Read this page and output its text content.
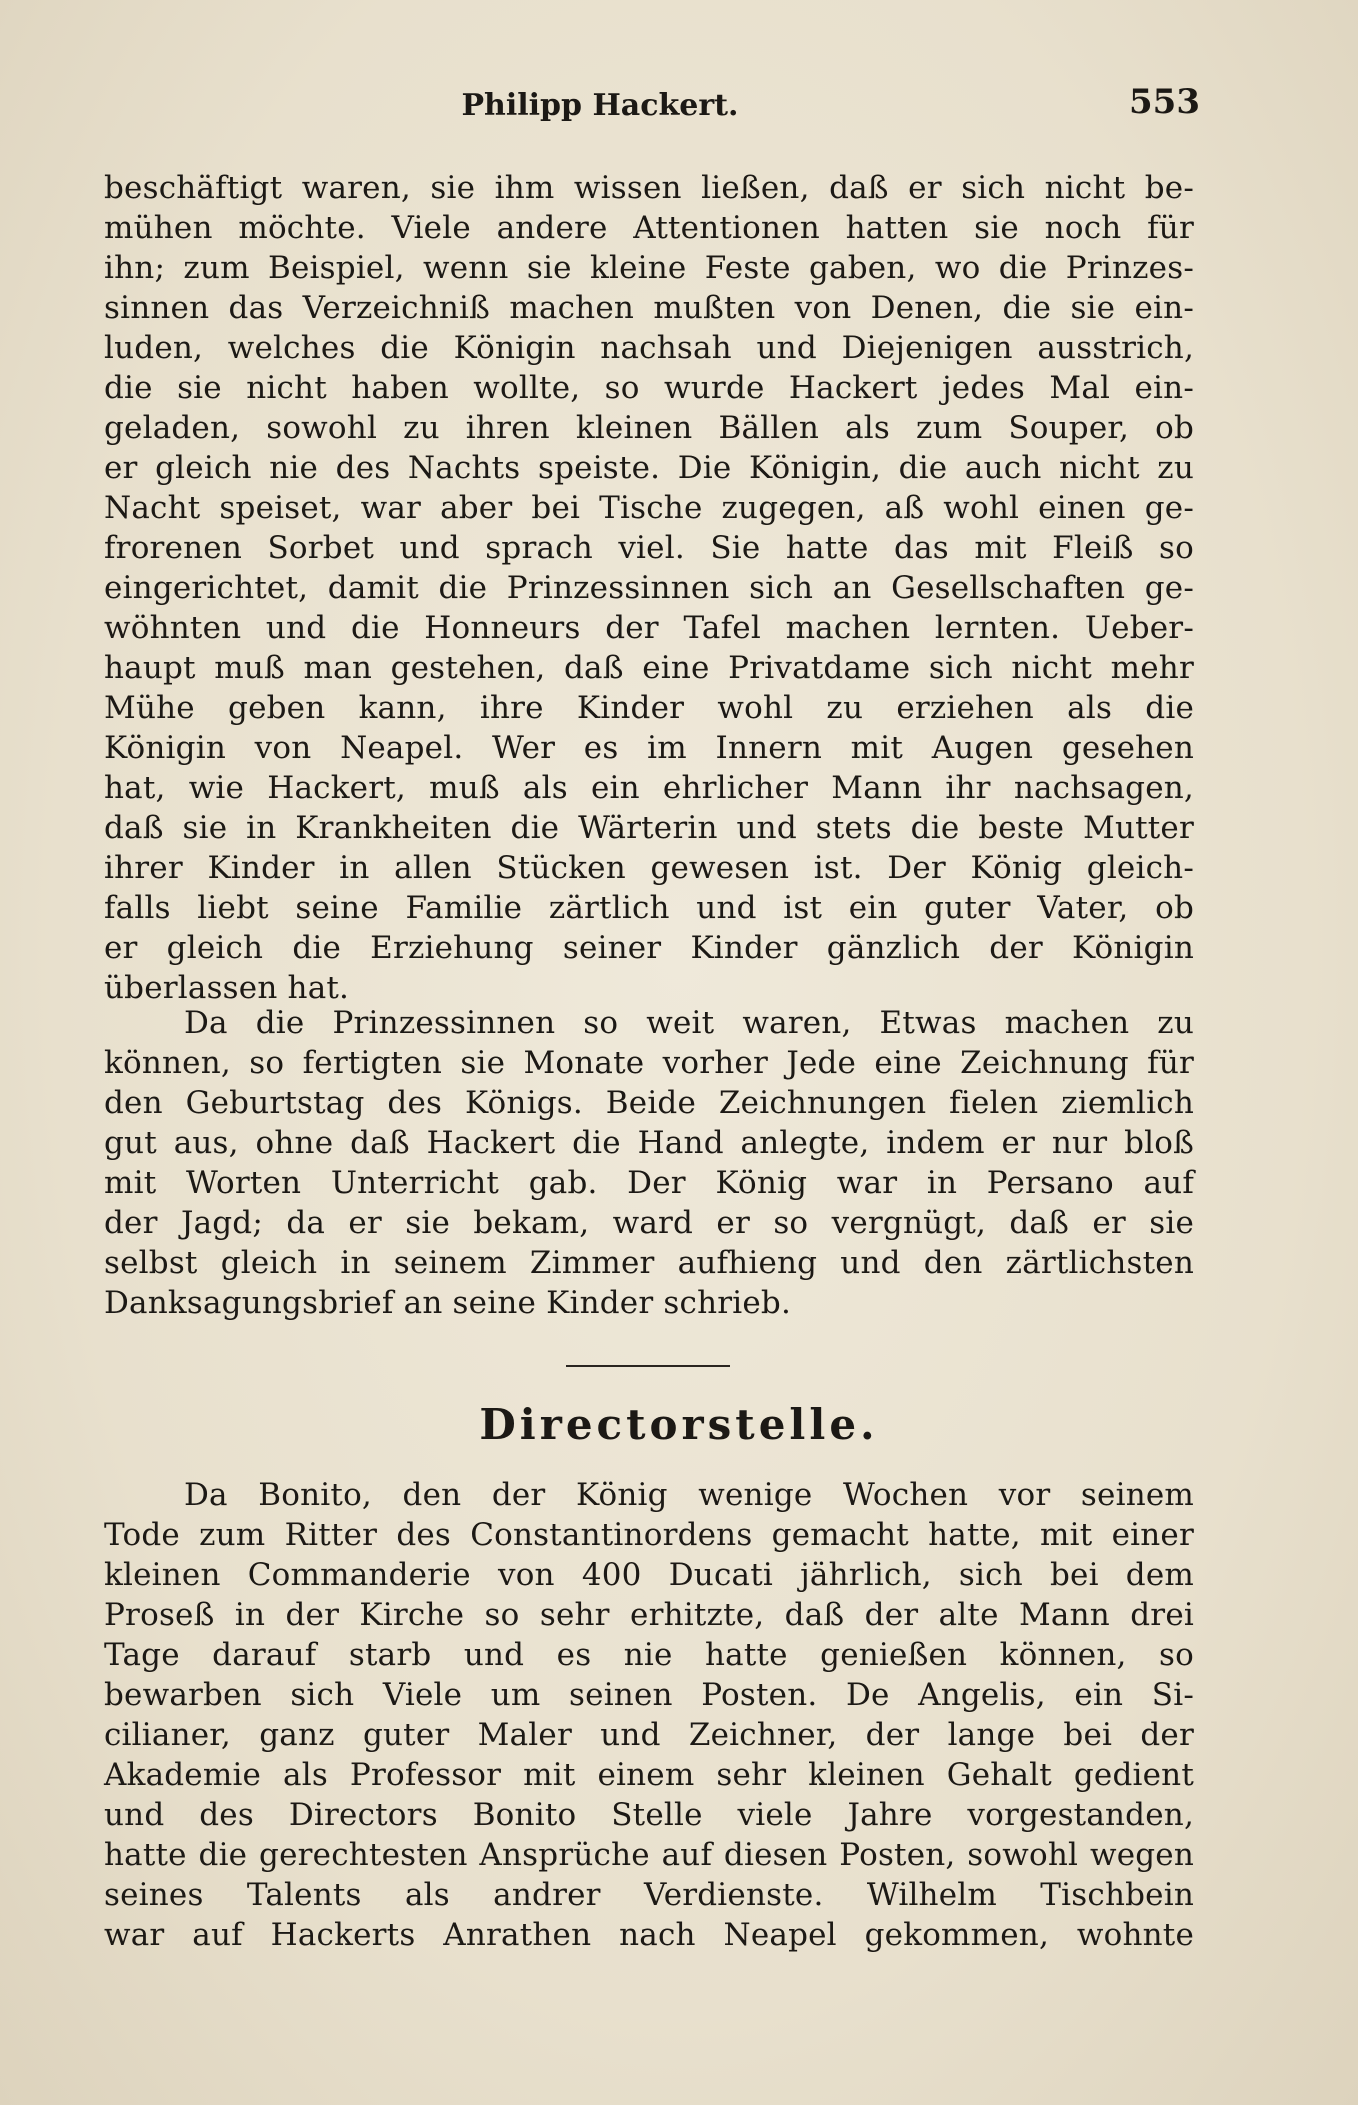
Philipp Hackert.	553
beschäftigt waren, sie ihm wissen ließen, daß er sich nicht be-
mühen möchte. Viele andere Attentionen hatten sie noch für
ihn; zum Beispiel, wenn sie kleine Feste gaben, wo die Prinzes-
sinnen das Verzeichniß machen mußten von Denen, die sie ein-
luden, welches die Königin nachsah und Diejenigen ausstrich,
die sie nicht haben wollte, so wurde Hackert jedes Mal ein-
geladen, sowohl zu ihren kleinen Bällen als zum Souper, ob
er gleich nie des Nachts speiste. Die Königin, die auch nicht zu
Nacht speiset, war aber bei Tische zugegen, aß wohl einen ge-
frorenen Sorbet und sprach viel. Sie hatte das mit Fleiß so
eingerichtet, damit die Prinzessinnen sich an Gesellschaften ge-
wöhnten und die Honneurs der Tafel machen lernten. Ueber-
haupt muß man gestehen, daß eine Privatdame sich nicht mehr
Mühe geben kann, ihre Kinder wohl zu erziehen als die
Königin von Neapel. Wer es im Innern mit Augen gesehen
hat, wie Hackert, muß als ein ehrlicher Mann ihr nachsagen,
daß sie in Krankheiten die Wärterin und stets die beste Mutter
ihrer Kinder in allen Stücken gewesen ist. Der König gleich-
falls liebt seine Familie zärtlich und ist ein guter Vater, ob
er gleich die Erziehung seiner Kinder gänzlich der Königin
überlassen hat.
Da die Prinzessinnen so weit waren, Etwas machen zu
können, so fertigten sie Monate vorher Jede eine Zeichnung für
den Geburtstag des Königs. Beide Zeichnungen fielen ziemlich
gut aus, ohne daß Hackert die Hand anlegte, indem er nur bloß
mit Worten Unterricht gab. Der König war in Persano auf
der Jagd; da er sie bekam, ward er so vergnügt, daß er sie
selbst gleich in seinem Zimmer aufhieng und den zärtlichsten
Danksagungsbrief an seine Kinder schrieb.
Directorstelle.
Da Bonito, den der König wenige Wochen vor seinem
Tode zum Ritter des Constantinordens gemacht hatte, mit einer
kleinen Commanderie von 400 Ducati jährlich, sich bei dem
Proseß in der Kirche so sehr erhitzte, daß der alte Mann drei
Tage darauf starb und es nie hatte genießen können, so
bewarben sich Viele um seinen Posten. De Angelis, ein Si-
cilianer, ganz guter Maler und Zeichner, der lange bei der
Akademie als Professor mit einem sehr kleinen Gehalt gedient
und des Directors Bonito Stelle viele Jahre vorgestanden,
hatte die gerechtesten Ansprüche auf diesen Posten, sowohl wegen
seines Talents als andrer Verdienste. Wilhelm Tischbein
war auf Hackerts Anrathen nach Neapel gekommen, wohnte
